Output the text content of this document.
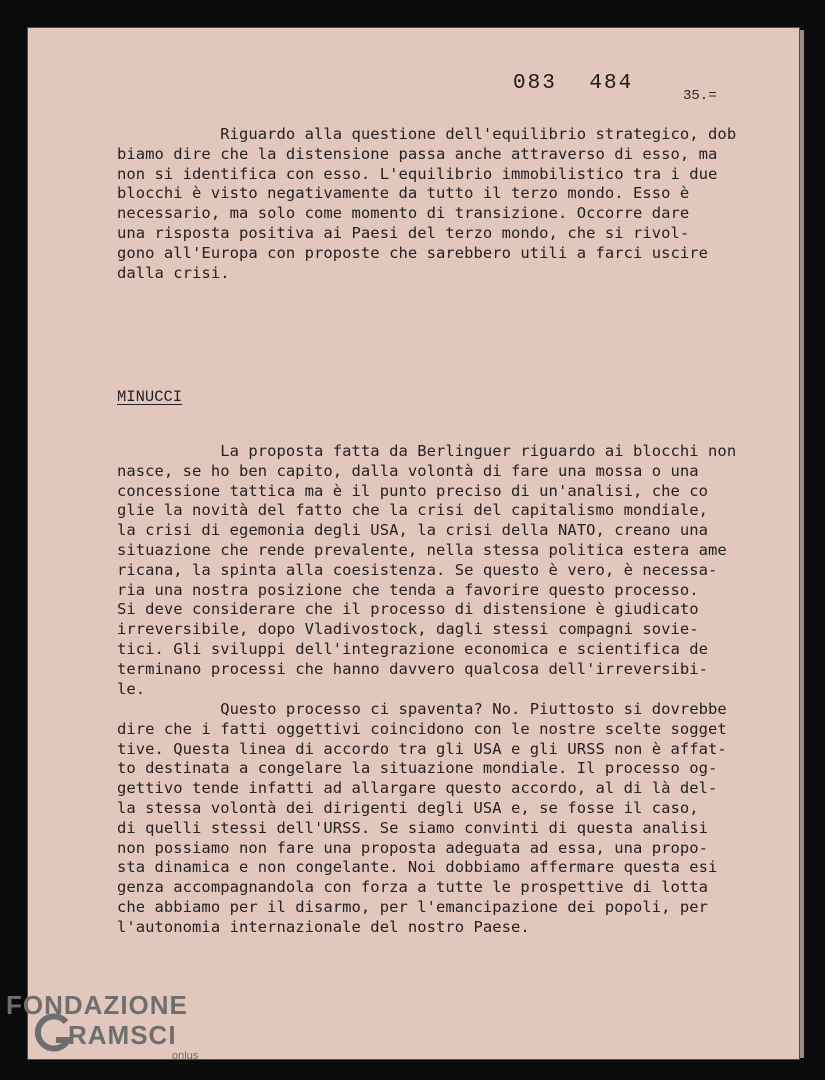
083 484
35.=
Riguardo alla questione dell'equilibrio strategico, dob
biamo dire che la distensione passa anche attraverso di esso, ma
non si identifica con esso. L'equilibrio immobilistico tra i due
blocchi è visto negativamente da tutto il terzo mondo. Esso è
necessario, ma solo come momento di transizione. Occorre dare
una risposta positiva ai Paesi del terzo mondo, che si rivol-
gono all'Europa con proposte che sarebbero utili a farci uscire
dalla crisi.
MINUCCI
La proposta fatta da Berlinguer riguardo ai blocchi non
nasce, se ho ben capito, dalla volontà di fare una mossa o una
concessione tattica ma è il punto preciso di un'analisi, che co
glie la novità del fatto che la crisi del capitalismo mondiale,
la crisi di egemonia degli USA, la crisi della NATO, creano una
situazione che rende prevalente, nella stessa politica estera ame
ricana, la spinta alla coesistenza. Se questo è vero, è necessa-
ria una nostra posizione che tenda a favorire questo processo.
Si deve considerare che il processo di distensione è giudicato
irreversibile, dopo Vladivostock, dagli stessi compagni sovie-
tici. Gli sviluppi dell'integrazione economica e scientifica de
terminano processi che hanno davvero qualcosa dell'irreversibi-
le.
Questo processo ci spaventa? No. Piuttosto si dovrebbe
dire che i fatti oggettivi coincidono con le nostre scelte sogget
tive. Questa linea di accordo tra gli USA e gli URSS non è affat-
to destinata a congelare la situazione mondiale. Il processo og-
gettivo tende infatti ad allargare questo accordo, al di là del-
la stessa volontà dei dirigenti degli USA e, se fosse il caso,
di quelli stessi dell'URSS. Se siamo convinti di questa analisi
non possiamo non fare una proposta adeguata ad essa, una propo-
sta dinamica e non congelante. Noi dobbiamo affermare questa esi
genza accompagnandola con forza a tutte le prospettive di lotta
che abbiamo per il disarmo, per l'emancipazione dei popoli, per
l'autonomia internazionale del nostro Paese.
FONDAZIONE
RAMSCI
onlus
